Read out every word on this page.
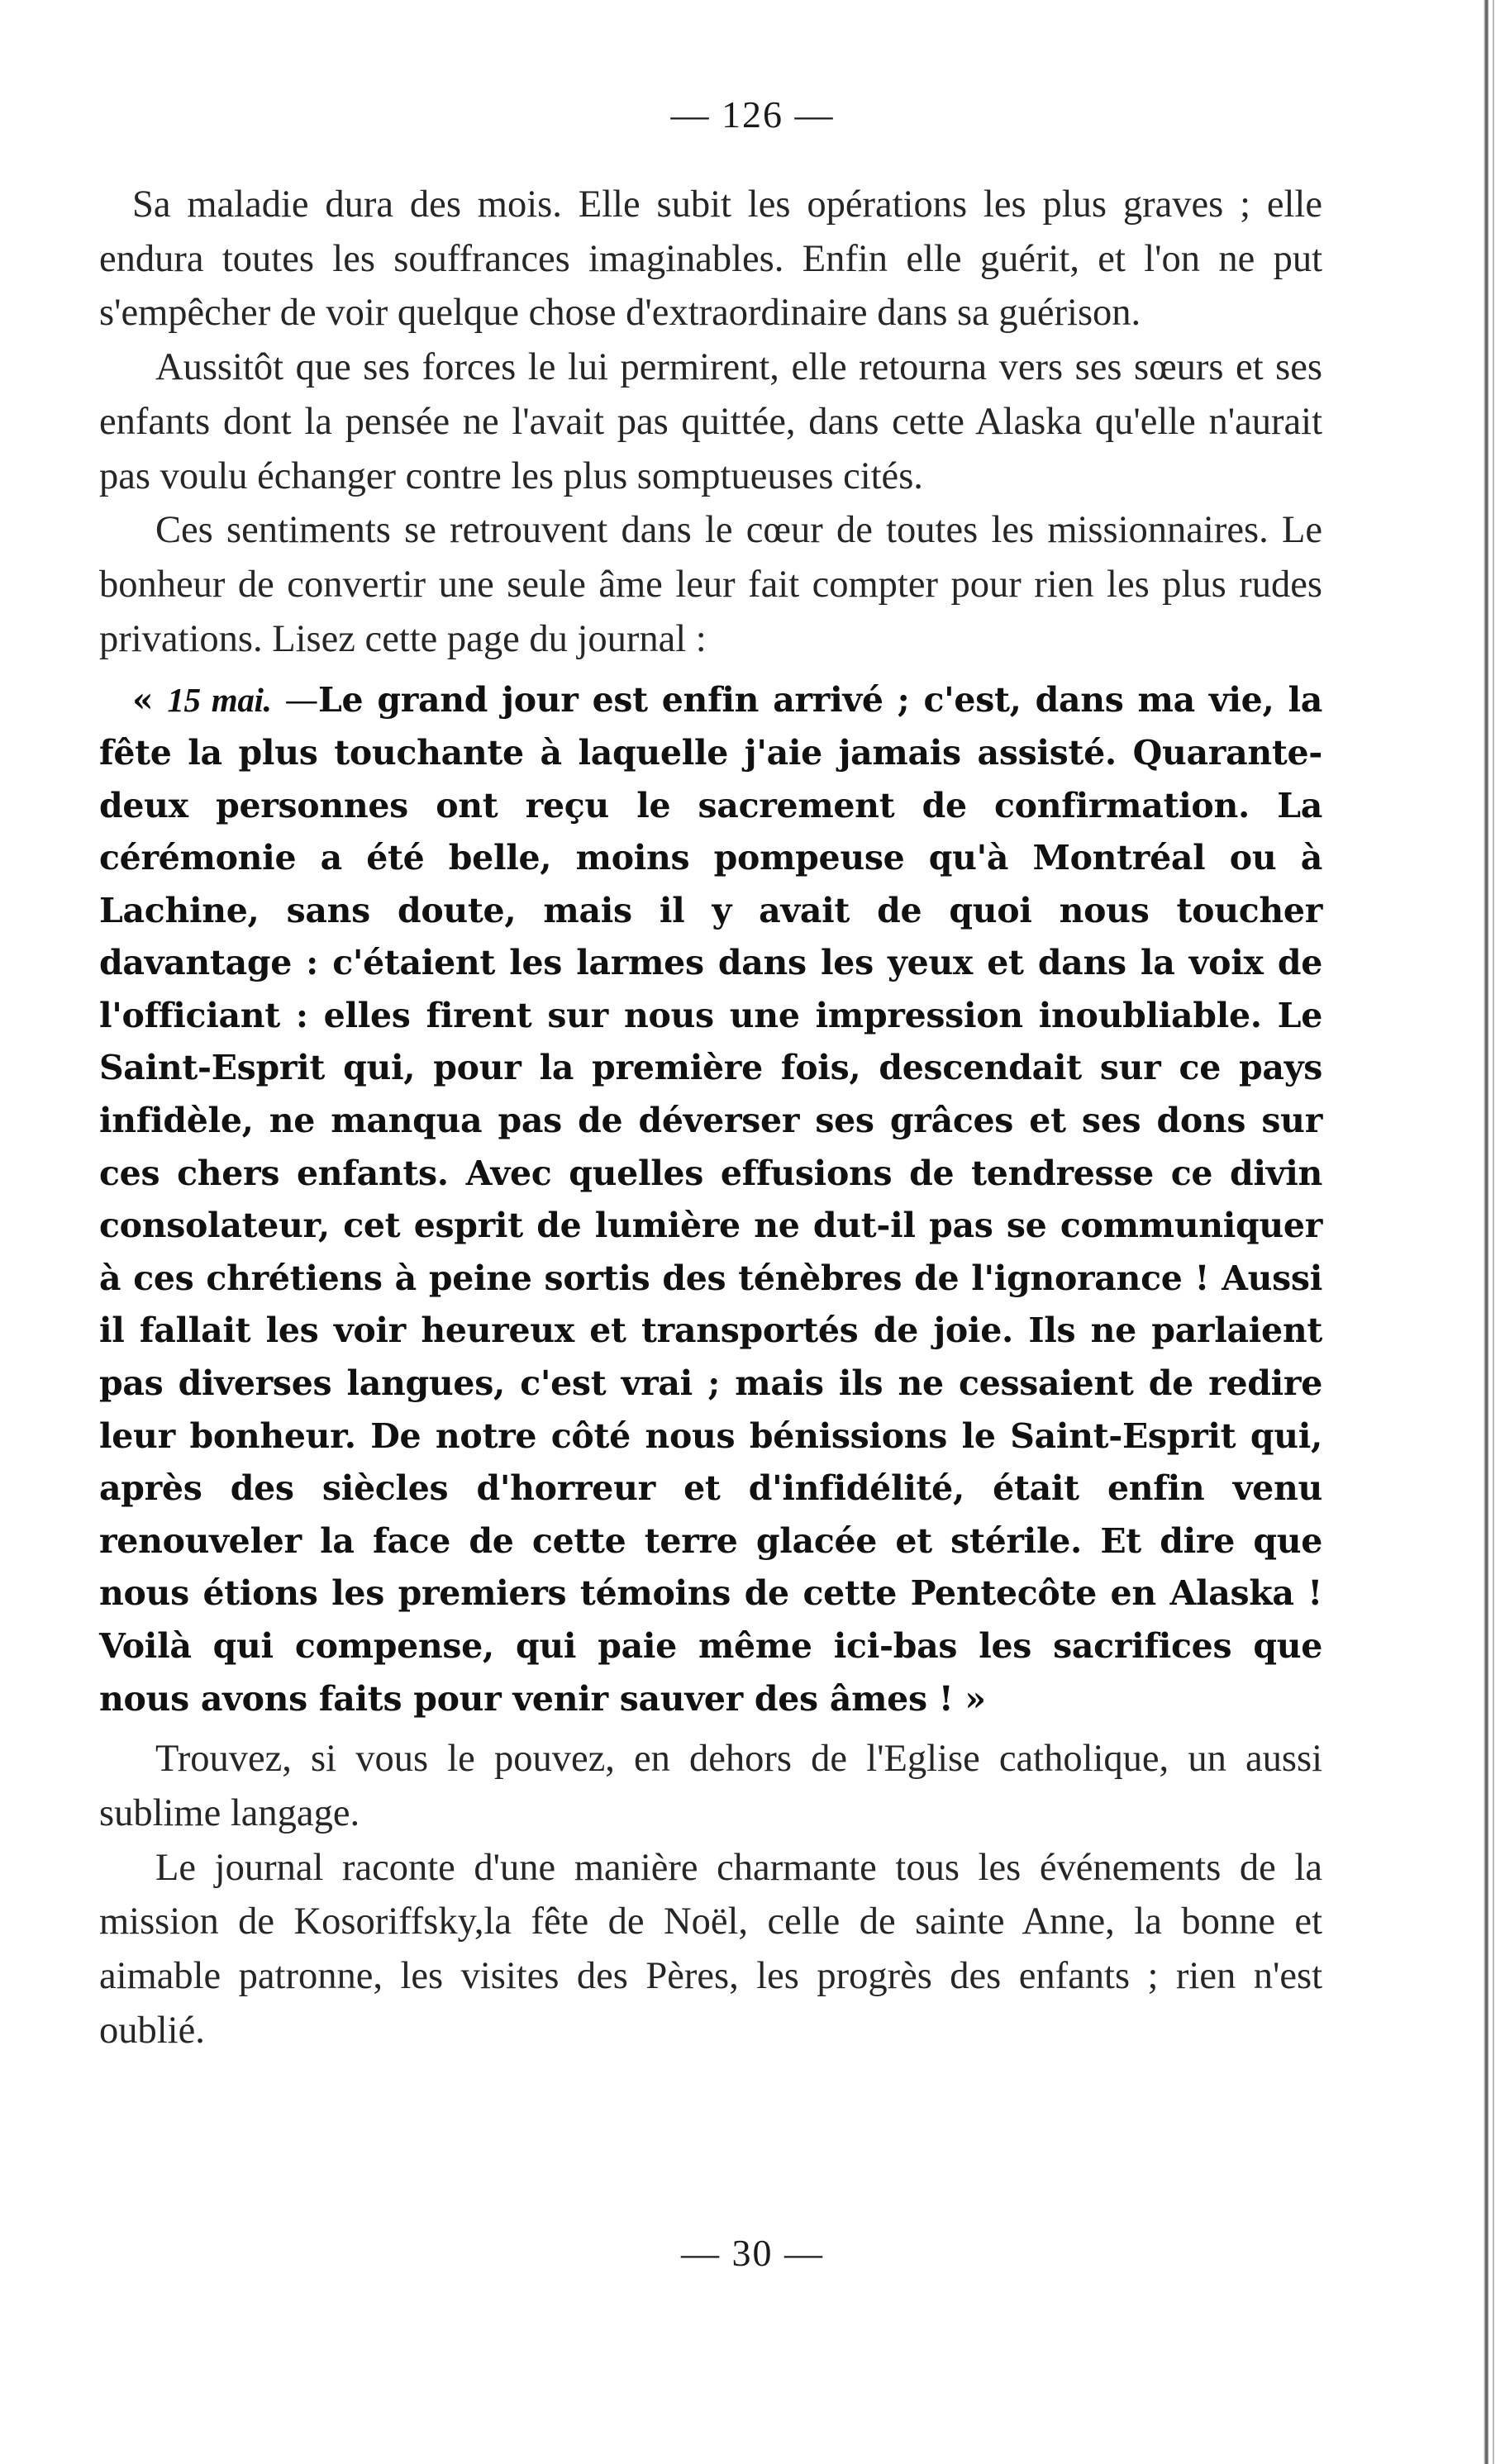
— 126 —

Sa maladie dura des mois. Elle subit les opérations les plus graves ; elle endura toutes les souffrances imaginables. Enfin elle guérit, et l'on ne put s'empêcher de voir quelque chose d'extraordinaire dans sa guérison.

Aussitôt que ses forces le lui permirent, elle retourna vers ses sœurs et ses enfants dont la pensée ne l'avait pas quittée, dans cette Alaska qu'elle n'aurait pas voulu échanger contre les plus somptueuses cités.

Ces sentiments se retrouvent dans le cœur de toutes les missionnaires. Le bonheur de convertir une seule âme leur fait compter pour rien les plus rudes privations. Lisez cette page du journal :

« 15 mai. —Le grand jour est enfin arrivé ; c'est, dans ma vie, la fête la plus touchante à laquelle j'aie jamais assisté. Quarante-deux personnes ont reçu le sacrement de confirmation. La cérémonie a été belle, moins pompeuse qu'à Montréal ou à Lachine, sans doute, mais il y avait de quoi nous toucher davantage : c'étaient les larmes dans les yeux et dans la voix de l'officiant : elles firent sur nous une impression inoubliable. Le Saint-Esprit qui, pour la première fois, descendait sur ce pays infidèle, ne manqua pas de déverser ses grâces et ses dons sur ces chers enfants. Avec quelles effusions de tendresse ce divin consolateur, cet esprit de lumière ne dut-il pas se communiquer à ces chrétiens à peine sortis des ténèbres de l'ignorance ! Aussi il fallait les voir heureux et transportés de joie. Ils ne parlaient pas diverses langues, c'est vrai ; mais ils ne cessaient de redire leur bonheur. De notre côté nous bénissions le Saint-Esprit qui, après des siècles d'horreur et d'infidélité, était enfin venu renouveler la face de cette terre glacée et stérile. Et dire que nous étions les premiers témoins de cette Pentecôte en Alaska ! Voilà qui compense, qui paie même ici-bas les sacrifices que nous avons faits pour venir sauver des âmes ! »

Trouvez, si vous le pouvez, en dehors de l'Eglise catholique, un aussi sublime langage.

Le journal raconte d'une manière charmante tous les événements de la mission de Kosoriffsky,la fête de Noël, celle de sainte Anne, la bonne et aimable patronne, les visites des Pères, les progrès des enfants ; rien n'est oublié.

— 30 —
